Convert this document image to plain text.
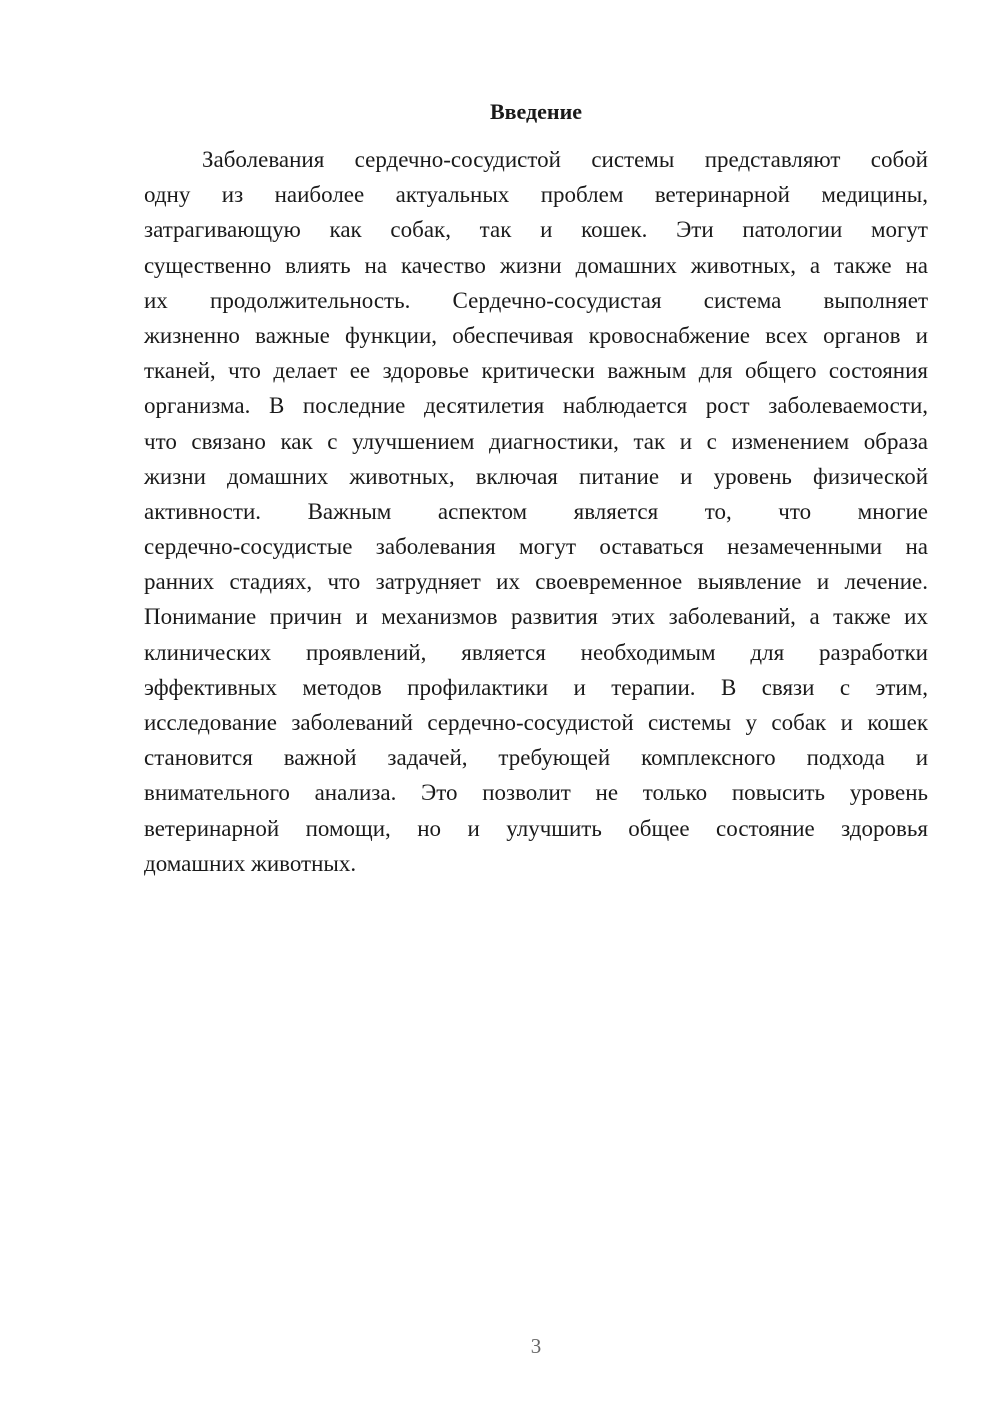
Введение
Заболевания сердечно-сосудистой системы представляют собой
одну из наиболее актуальных проблем ветеринарной медицины,
затрагивающую как собак, так и кошек. Эти патологии могут
существенно влиять на качество жизни домашних животных, а также на
их продолжительность. Сердечно-сосудистая система выполняет
жизненно важные функции, обеспечивая кровоснабжение всех органов и
тканей, что делает ее здоровье критически важным для общего состояния
организма. В последние десятилетия наблюдается рост заболеваемости,
что связано как с улучшением диагностики, так и с изменением образа
жизни домашних животных, включая питание и уровень физической
активности. Важным аспектом является то, что многие
сердечно-сосудистые заболевания могут оставаться незамеченными на
ранних стадиях, что затрудняет их своевременное выявление и лечение.
Понимание причин и механизмов развития этих заболеваний, а также их
клинических проявлений, является необходимым для разработки
эффективных методов профилактики и терапии. В связи с этим,
исследование заболеваний сердечно-сосудистой системы у собак и кошек
становится важной задачей, требующей комплексного подхода и
внимательного анализа. Это позволит не только повысить уровень
ветеринарной помощи, но и улучшить общее состояние здоровья
домашних животных.
3
